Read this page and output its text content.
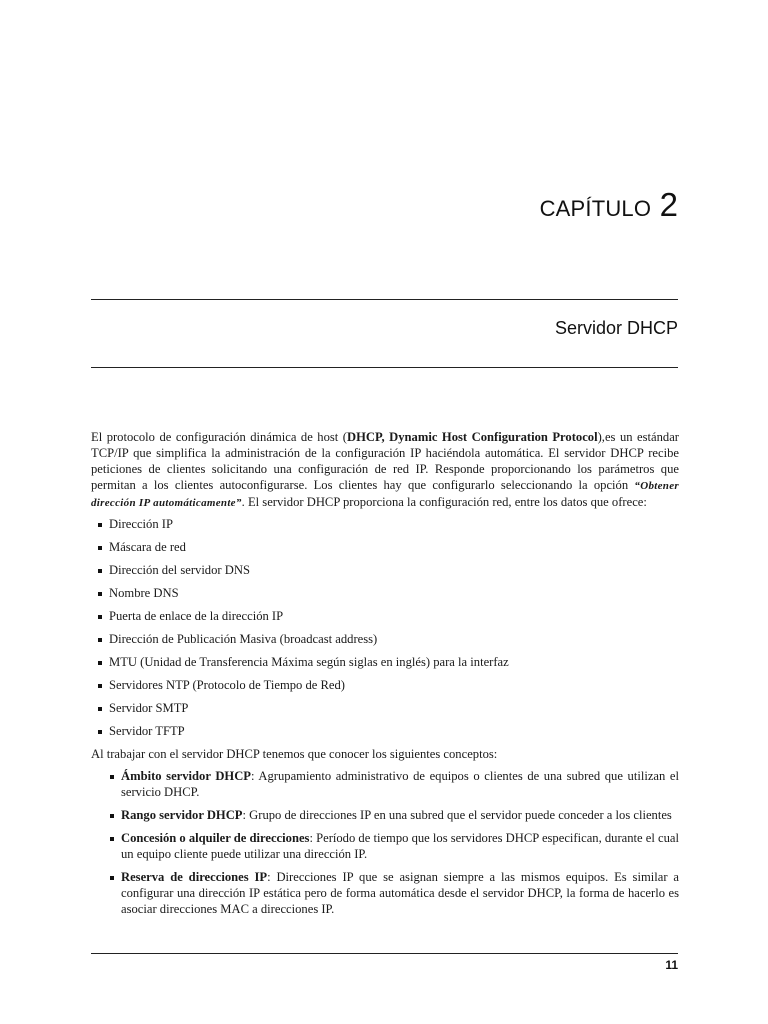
CAPÍTULO 2
Servidor DHCP

El protocolo de configuración dinámica de host (DHCP, Dynamic Host Configuration Protocol),es un estándar TCP/IP que simplifica la administración de la configuración IP haciéndola automática. El servidor DHCP recibe peticiones de clientes solicitando una configuración de red IP. Responde proporcionando los parámetros que permitan a los clientes autoconfigurarse. Los clientes hay que configurarlo seleccionando la opción “Obtener dirección IP automáticamente”. El servidor DHCP proporciona la configuración red, entre los datos que ofrece:

Dirección IP
Máscara de red
Dirección del servidor DNS
Nombre DNS
Puerta de enlace de la dirección IP
Dirección de Publicación Masiva (broadcast address)
MTU (Unidad de Transferencia Máxima según siglas en inglés) para la interfaz
Servidores NTP (Protocolo de Tiempo de Red)
Servidor SMTP
Servidor TFTP

Al trabajar con el servidor DHCP tenemos que conocer los siguientes conceptos:

Ámbito servidor DHCP: Agrupamiento administrativo de equipos o clientes de una subred que utilizan el servicio DHCP.
Rango servidor DHCP: Grupo de direcciones IP en una subred que el servidor puede conceder a los clientes
Concesión o alquiler de direcciones: Período de tiempo que los servidores DHCP especifican, durante el cual un equipo cliente puede utilizar una dirección IP.
Reserva de direcciones IP: Direcciones IP que se asignan siempre a las mismos equipos. Es similar a configurar una dirección IP estática pero de forma automática desde el servidor DHCP, la forma de hacerlo es asociar direcciones MAC a direcciones IP.
11
